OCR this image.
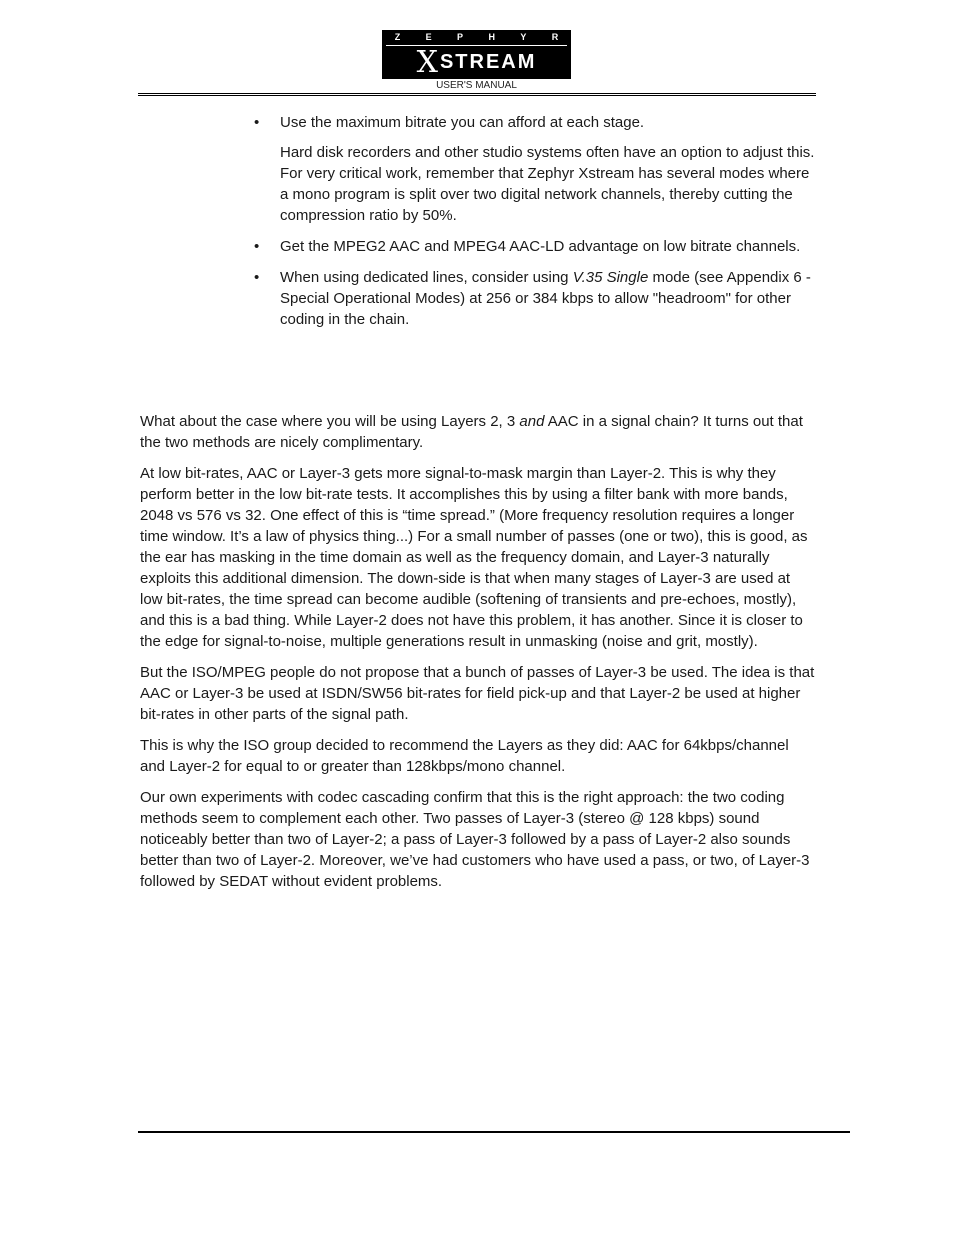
Z	E	P	H	Y	R
X STREAM
USER'S MANUAL
• Use the maximum bitrate you can afford at each stage.
Hard disk recorders and other studio systems often have an option to adjust this. For very critical work, remember that Zephyr Xstream has several modes where a mono program is split over two digital network channels, thereby cutting the compression ratio by 50%.
• Get the MPEG2 AAC and MPEG4 AAC-LD advantage on low bitrate channels.
• When using dedicated lines, consider using V.35 Single mode (see Appendix 6 - Special Operational Modes) at 256 or 384 kbps to allow "headroom" for other coding in the chain.

What about the case where you will be using Layers 2, 3 and AAC in a signal chain? It turns out that the two methods are nicely complimentary.

At low bit-rates, AAC or Layer-3 gets more signal-to-mask margin than Layer-2. This is why they perform better in the low bit-rate tests. It accomplishes this by using a filter bank with more bands, 2048 vs 576 vs 32. One effect of this is “time spread.” (More frequency resolution requires a longer time window. It’s a law of physics thing...) For a small number of passes (one or two), this is good, as the ear has masking in the time domain as well as the frequency domain, and Layer-3 naturally exploits this additional dimension. The down-side is that when many stages of Layer-3 are used at low bit-rates, the time spread can become audible (softening of transients and pre-echoes, mostly), and this is a bad thing. While Layer-2 does not have this problem, it has another. Since it is closer to the edge for signal-to-noise, multiple generations result in unmasking (noise and grit, mostly).

But the ISO/MPEG people do not propose that a bunch of passes of Layer-3 be used. The idea is that AAC or Layer-3 be used at ISDN/SW56 bit-rates for field pick-up and that Layer-2 be used at higher bit-rates in other parts of the signal path.

This is why the ISO group decided to recommend the Layers as they did: AAC for 64kbps/channel and Layer-2 for equal to or greater than 128kbps/mono channel.

Our own experiments with codec cascading confirm that this is the right approach: the two coding methods seem to complement each other. Two passes of Layer-3 (stereo @ 128 kbps) sound noticeably better than two of Layer-2; a pass of Layer-3 followed by a pass of Layer-2 also sounds better than two of Layer-2. Moreover, we’ve had customers who have used a pass, or two, of Layer-3 followed by SEDAT without evident problems.
